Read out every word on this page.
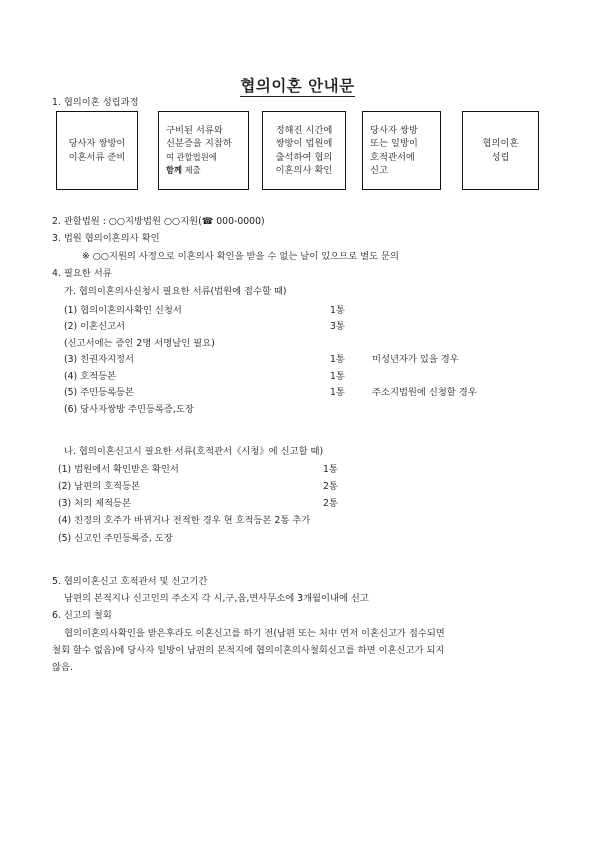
협의이혼 안내문
1. 협의이혼 성립과정
당사자 쌍방이
이혼서류 준비
구비된 서류와
신분증을 지참하
여 관할법원에
함께 제출
정해진 시간에
쌍방이 법원에
출석하여 협의
이혼의사 확인
당사자 쌍방
또는 일방이
호적관서에
신고
협의이혼
성립
2. 관할법원 : ○○지방법원 ○○지원(☎ 000-0000)
3. 법원 협의이혼의사 확인
※ ○○지원의 사정으로 이혼의사 확인을 받을 수 없는 날이 있으므로 별도 문의
4. 필요한 서류
가. 협의이혼의사신청시 필요한 서류(법원에 접수할 때)
(1) 협의이혼의사확인 신청서	1통
(2) 이혼신고서	3통
(신고서에는 증인 2명 서명날인 필요)
(3) 친권자지정서	1통	미성년자가 있을 경우
(4) 호적등본	1통
(5) 주민등록등본	1통	주소지법원에 신청할 경우
(6) 당사자쌍방 주민등록증,도장
나. 협의이혼신고시 필요한 서류(호적관서《시청》에 신고할 때)
(1) 법원에서 확인받은 확인서	1통
(2) 남편의 호적등본	2통
(3) 처의 제적등본	2통
(4) 친정의 호주가 바뀌거나 전적한 경우 현 호적등본 2통 추가
(5) 신고인 주민등록증, 도장
5. 협의이혼신고 호적관서 및 신고기간
남편의 본적지나 신고인의 주소지 각 시,구,읍,면사무소에 3개월이내에 신고
6. 신고의 철회
협의이혼의사확인을 받은후라도 이혼신고를 하기 전(남편 또는 처中 먼저 이혼신고가 접수되면
철회 할수 없음)에 당사자 일방이 남편의 본적지에 협의이혼의사철회신고를 하면 이혼신고가 되지
않음.
